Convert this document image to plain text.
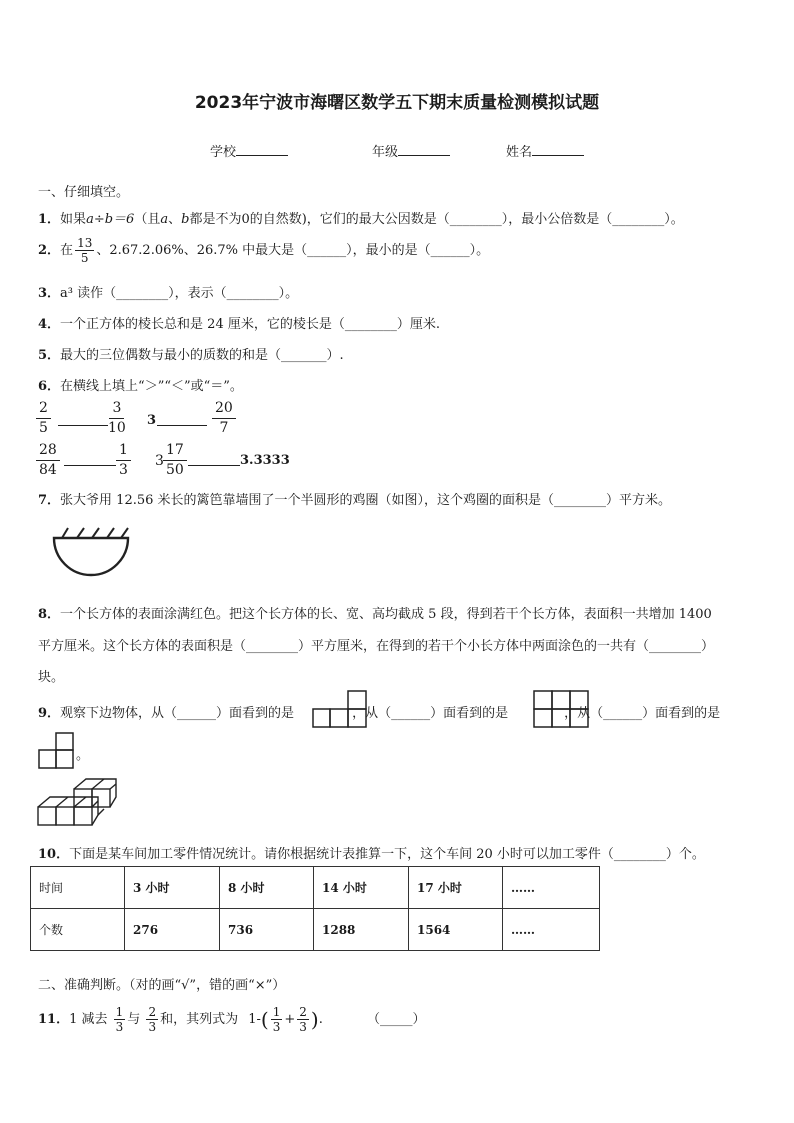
2023年宁波市海曙区数学五下期末质量检测模拟试题
学校	年级	姓名
一、仔细填空。
1．如果a÷b＝6（且a、b都是不为0的自然数)，它们的最大公因数是（________），最小公倍数是（________）。
2．在 $\frac{13}{5}$ 、2.67.2.06%、26.7% 中最大是（______），最小的是（______）。
3．a³ 读作（________），表示（________）。
4．一个正方体的棱长总和是 24 厘米，它的棱长是（________）厘米.
5．最大的三位偶数与最小的质数的和是（_______）.
6．在横线上填上“＞”“＜”或“＝”。
2
5
3
10 3
20
7
28
84
1
3
3
17
50
3.3333
7．张大爷用 12.56 米长的篱笆靠墙围了一个半圆形的鸡圈（如图），这个鸡圈的面积是（________）平方米。
8．一个长方体的表面涂满红色。把这个长方体的长、宽、高均截成 5 段，得到若干个长方体，表面积一共增加 1400
平方厘米。这个长方体的表面积是（________）平方厘米，在得到的若干个小长方体中两面涂色的一共有（________）
块。
9．观察下边物体，从（______）面看到的是	，从（______）面看到的是	，从（______）面看到的是
。
10．下面是某车间加工零件情况统计。请你根据统计表推算一下，这个车间 20 小时可以加工零件（________）个。
时间	3 小时	8 小时	14 小时	17 小时	……
个数	276	736	1288	1564	……
二、准确判断。（对的画“√”，错的画“×”）
11．1 减去 $\frac{1}{3}$ 与 $\frac{2}{3}$ 和，其列式为 $1-( \frac{1}{3} + \frac{2}{3}$ ).	（_____）
